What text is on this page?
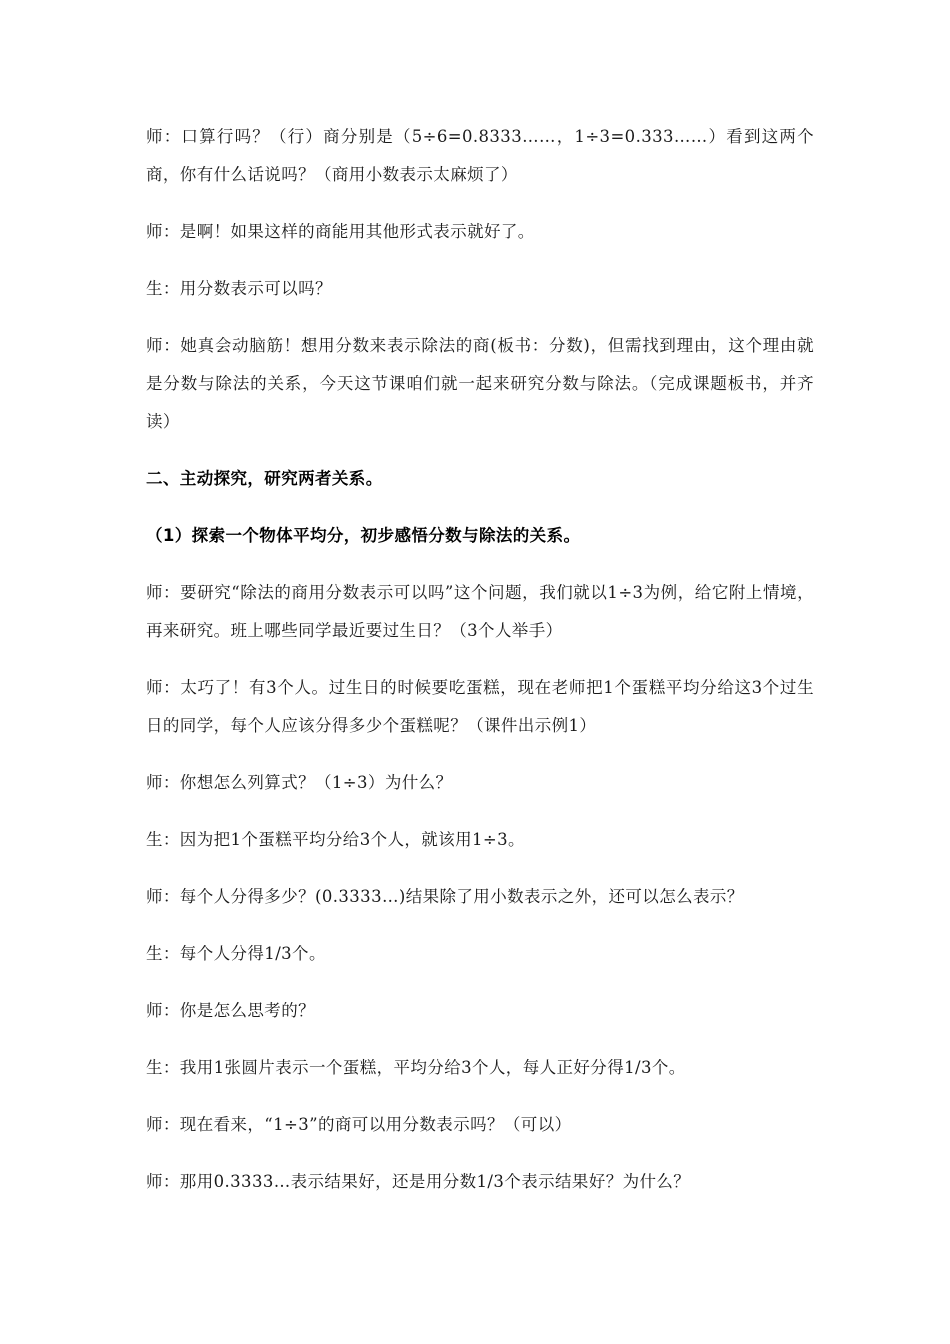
师：口算行吗？（行）商分别是（5÷6=0.8333……，1÷3=0.333……）看到这两个商，你有什么话说吗？（商用小数表示太麻烦了）

师：是啊！如果这样的商能用其他形式表示就好了。

生：用分数表示可以吗？

师：她真会动脑筋！想用分数来表示除法的商(板书：分数)，但需找到理由，这个理由就是分数与除法的关系，今天这节课咱们就一起来研究分数与除法。（完成课题板书，并齐读）

二、主动探究，研究两者关系。

（1）探索一个物体平均分，初步感悟分数与除法的关系。

师：要研究“除法的商用分数表示可以吗”这个问题，我们就以1÷3为例，给它附上情境，再来研究。班上哪些同学最近要过生日？（3个人举手）

师：太巧了！有3个人。过生日的时候要吃蛋糕，现在老师把1个蛋糕平均分给这3个过生日的同学，每个人应该分得多少个蛋糕呢？（课件出示例1）

师：你想怎么列算式？（1÷3）为什么？

生：因为把1个蛋糕平均分给3个人，就该用1÷3。

师：每个人分得多少？(0.3333…)结果除了用小数表示之外，还可以怎么表示？

生：每个人分得1/3个。

师：你是怎么思考的？

生：我用1张圆片表示一个蛋糕，平均分给3个人，每人正好分得1/3个。

师：现在看来，“1÷3”的商可以用分数表示吗？（可以）

师：那用0.3333…表示结果好，还是用分数1/3个表示结果好？为什么？
